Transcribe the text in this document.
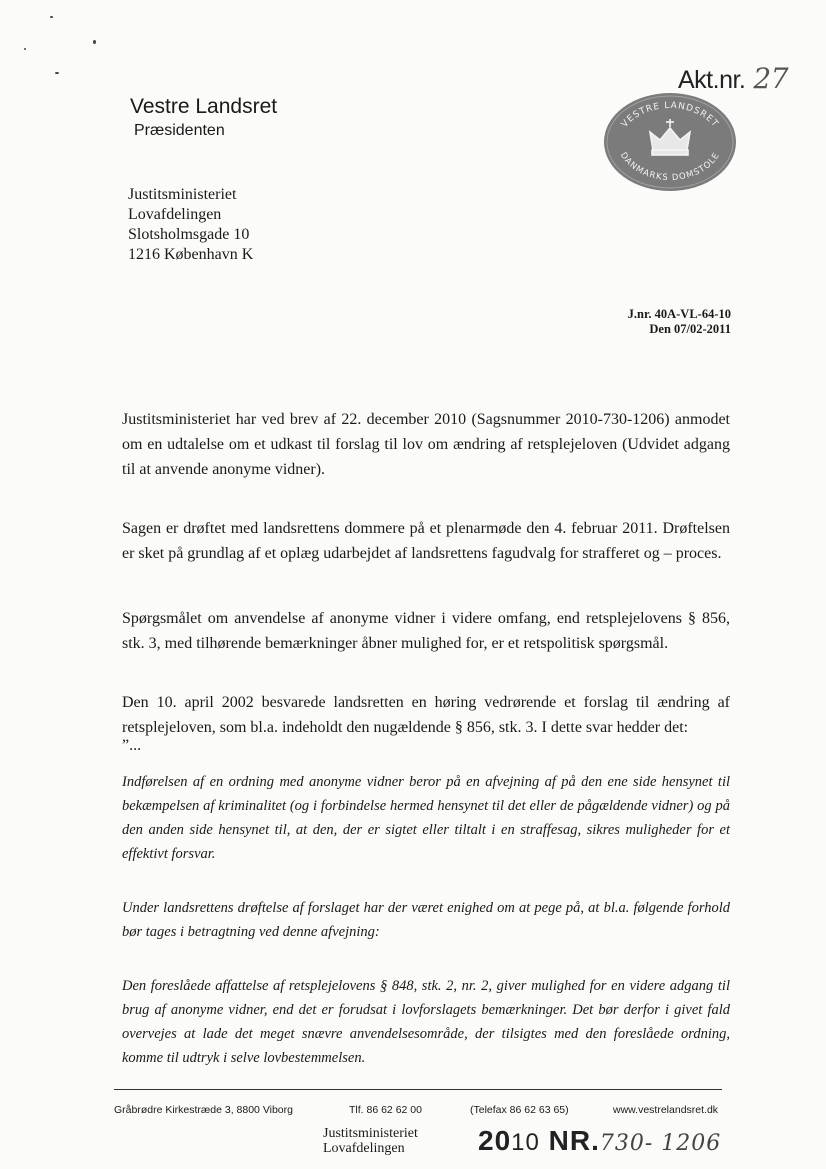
Akt.nr. 27
Vestre Landsret
Præsidenten	VESTRE LANDSRET
DANMARKS DOMSTOLE
Justitsministeriet
Lovafdelingen
Slotsholmsgade 10
1216 København K
J.nr. 40A-VL-64-10
Den 07/02-2011
Justitsministeriet har ved brev af 22. december 2010 (Sagsnummer 2010-730-1206) anmodet om en udtalelse om et udkast til forslag til lov om ændring af retsplejeloven (Udvidet adgang til at anvende anonyme vidner).
Sagen er drøftet med landsrettens dommere på et plenarmøde den 4. februar 2011. Drøftelsen er sket på grundlag af et oplæg udarbejdet af landsrettens fagudvalg for strafferet og – proces.
Spørgsmålet om anvendelse af anonyme vidner i videre omfang, end retsplejelovens § 856, stk. 3, med tilhørende bemærkninger åbner mulighed for, er et retspolitisk spørgsmål.
Den 10. april 2002 besvarede landsretten en høring vedrørende et forslag til ændring af retsplejeloven, som bl.a. indeholdt den nugældende § 856, stk. 3. I dette svar hedder det:
”...
Indførelsen af en ordning med anonyme vidner beror på en afvejning af på den ene side hensynet til bekæmpelsen af kriminalitet (og i forbindelse hermed hensynet til det eller de pågældende vidner) og på den anden side hensynet til, at den, der er sigtet eller tiltalt i en straffesag, sikres muligheder for et effektivt forsvar.
Under landsrettens drøftelse af forslaget har der været enighed om at pege på, at bl.a. følgende forhold bør tages i betragtning ved denne afvejning:
Den foreslåede affattelse af retsplejelovens § 848, stk. 2, nr. 2, giver mulighed for en videre adgang til brug af anonyme vidner, end det er forudsat i lovforslagets bemærkninger. Det bør derfor i givet fald overvejes at lade det meget snævre anvendelsesområde, der tilsigtes med den foreslåede ordning, komme til udtryk i selve lovbestemmelsen.
Gråbrødre Kirkestræde 3, 8800 Viborg	Tlf. 86 62 62 00	(Telefax 86 62 63 65)	www.vestrelandsret.dk
Justitsministeriet
Lovafdelingen	2010 NR.730- 1206
